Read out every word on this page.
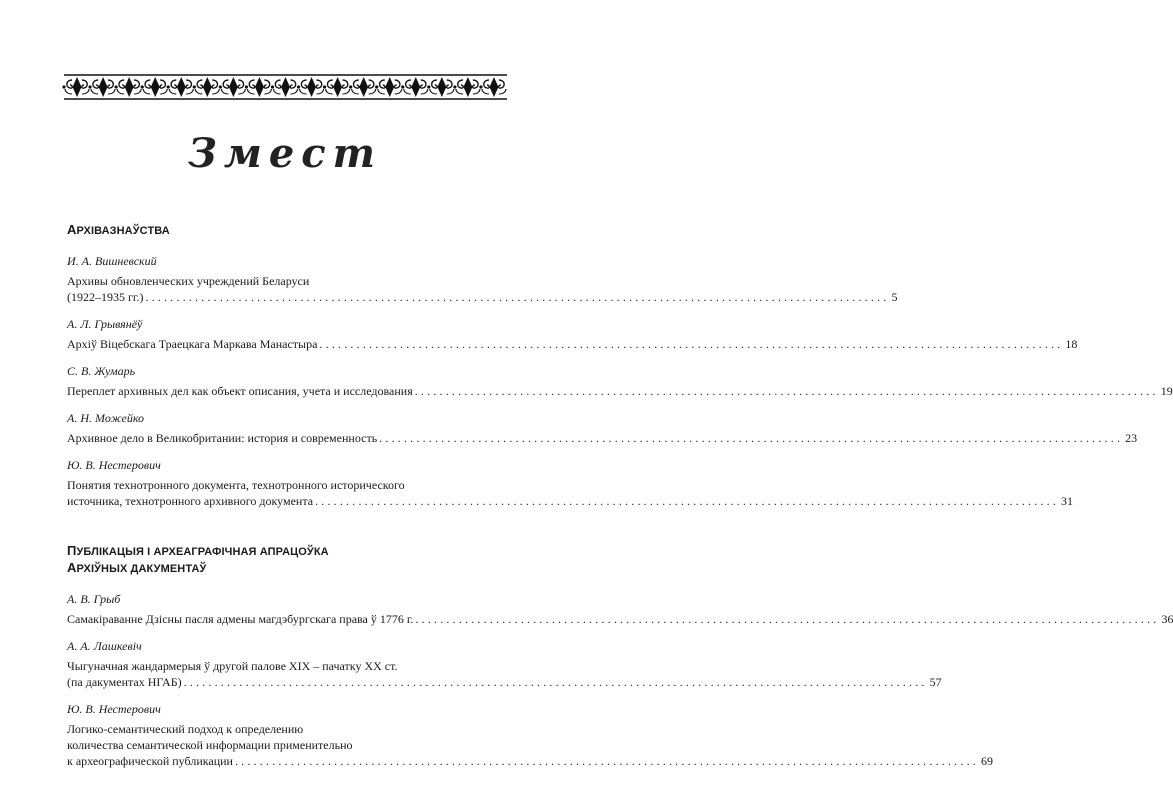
Змест
АРХІВАЗНАЎСТВА
И. А. Вишневский
Архивы обновленческих учреждений Беларуси
(1922–1935 гг.) ........................................................................................................................ 5
А. Л. Грывянёў
Архіў Віцебскага Траецкага Маркава Манастыра ........................................................................................................................ 18
С. В. Жумарь
Переплет архивных дел как объект описания, учета и исследования ........................................................................................................................ 19
А. Н. Можейко
Архивное дело в Великобритании: история и современность ........................................................................................................................ 23
Ю. В. Нестерович
Понятия технотронного документа, технотронного исторического
источника, технотронного архивного документа ........................................................................................................................ 31
ПУБЛІКАЦЫЯ І АРХЕАГРАФІЧНАЯ АПРАЦОЎКА
АРХІЎНЫХ ДАКУМЕНТАЎ
А. В. Грыб
Самакіраванне Дзісны пасля адмены магдэбургскага права ў 1776 г. ........................................................................................................................ 36
А. А. Лашкевіч
Чыгуначная жандармерыя ў другой палове XIX – пачатку XX ст.
(па дакументах НГАБ) ........................................................................................................................ 57
Ю. В. Нестерович
Логико-семантический подход к определению
количества семантической информации применительно
к археографической публикации ........................................................................................................................ 69
